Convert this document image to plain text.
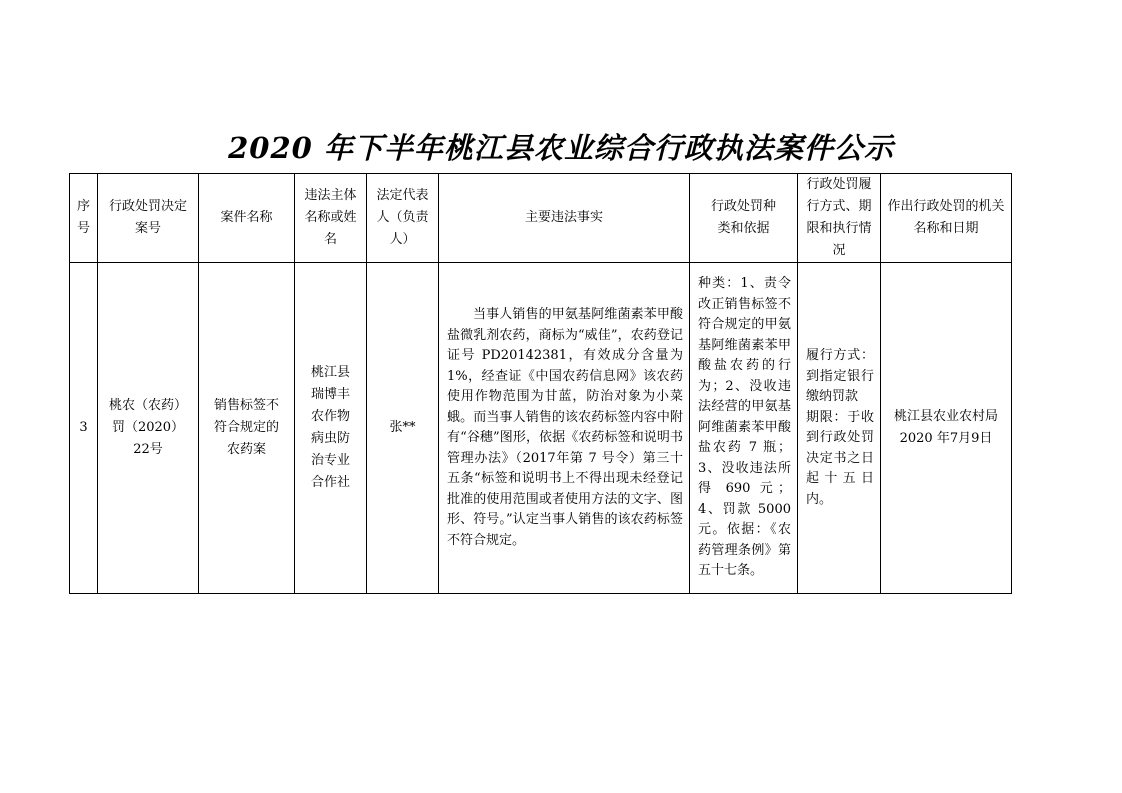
2020 年下半年桃江县农业综合行政执法案件公示
序号	行政处罚决定案号	案件名称	违法主体名称或姓名	法定代表人（负责人）	主要违法事实	行政处罚种类和依据	行政处罚履行方式、期限和执行情况	作出行政处罚的机关名称和日期

3	桃农（农药）罚（2020）22号	销售标签不符合规定的农药案	桃江县瑞博丰农作物病虫防治专业合作社	张**	当事人销售的甲氨基阿维菌素苯甲酸盐微乳剂农药，商标为“威佳”，农药登记证号 PD20142381，有效成分含量为 1%，经查证《中国农药信息网》该农药使用作物范围为甘蓝，防治对象为小菜蛾。而当事人销售的该农药标签内容中附有“谷穗”图形，依据《农药标签和说明书管理办法》（2017年第 7 号令）第三十五条“标签和说明书上不得出现未经登记批准的使用范围或者使用方法的文字、图形、符号。”认定当事人销售的该农药标签不符合规定。	种类：1、责令改正销售标签不符合规定的甲氨基阿维菌素苯甲酸盐农药的行为；2、没收违法经营的甲氨基阿维菌素苯甲酸盐农药 7 瓶；3、没收违法所得 690 元；4、罚款 5000 元。依据：《农药管理条例》第五十七条。	履行方式：到指定银行缴纳罚款
期限：于收到行政处罚决定书之日起十五日内。	桃江县农业农村局
2020 年7月9日
